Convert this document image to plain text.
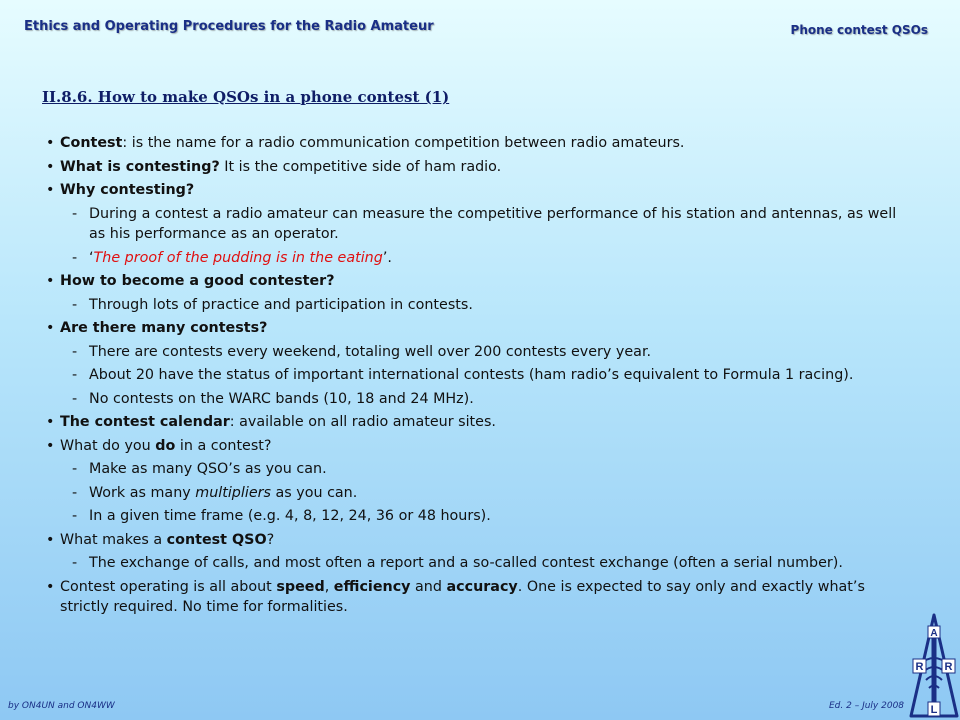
Ethics and Operating Procedures for the Radio Amateur	Phone contest QSOs
II.8.6. How to make QSOs in a phone contest (1)
• Contest: is the name for a radio communication competition between radio amateurs.
• What is contesting? It is the competitive side of ham radio.
• Why contesting?
- During a contest a radio amateur can measure the competitive performance of his station and antennas, as well as his performance as an operator.
- ‘The proof of the pudding is in the eating’.
• How to become a good contester?
- Through lots of practice and participation in contests.
• Are there many contests?
- There are contests every weekend, totaling well over 200 contests every year.
- About 20 have the status of important international contests (ham radio’s equivalent to Formula 1 racing).
- No contests on the WARC bands (10, 18 and 24 MHz).
• The contest calendar: available on all radio amateur sites.
• What do you do in a contest?
- Make as many QSO’s as you can.
- Work as many multipliers as you can.
- In a given time frame (e.g. 4, 8, 12, 24, 36 or 48 hours).
• What makes a contest QSO?
- The exchange of calls, and most often a report and a so-called contest exchange (often a serial number).
• Contest operating is all about speed, efficiency and accuracy. One is expected to say only and exactly what’s strictly required. No time for formalities.
by ON4UN and ON4WW	Ed. 2 – July 2008
A
R R
L
